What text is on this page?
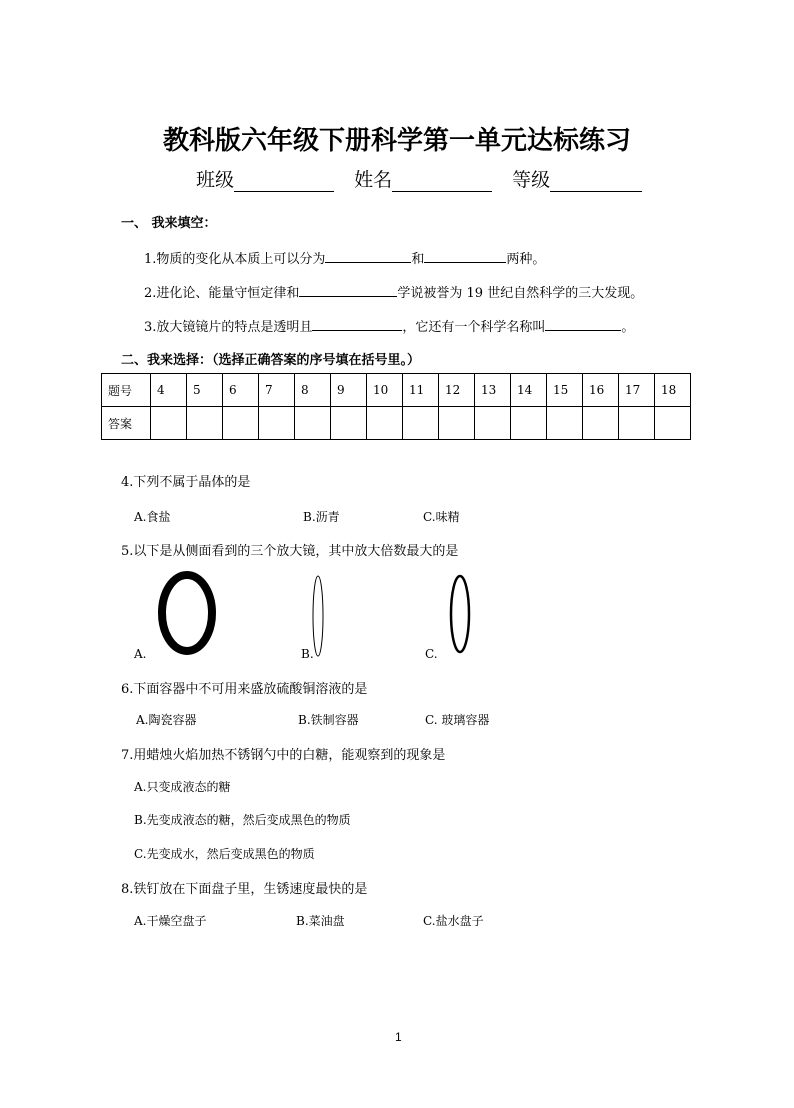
教科版六年级下册科学第一单元达标练习
班级	姓名	等级
一、 我来填空：
1.物质的变化从本质上可以分为	和	两种。
2.进化论、能量守恒定律和	学说被誉为 19 世纪自然科学的三大发现。
3.放大镜镜片的特点是透明且	，它还有一个科学名称叫	。
二、我来选择：（选择正确答案的序号填在括号里。）
题号	4	5	6	7	8	9	10	11	12	13	14	15	16	17	18
答案															
4.下列不属于晶体的是
A.食盐	B.沥青	C.味精
5.以下是从侧面看到的三个放大镜，其中放大倍数最大的是
A.	B.	C.
6.下面容器中不可用来盛放硫酸铜溶液的是
A.陶瓷容器	B.铁制容器	C. 玻璃容器
7.用蜡烛火焰加热不锈钢勺中的白糖，能观察到的现象是
A.只变成液态的糖
B.先变成液态的糖，然后变成黑色的物质
C.先变成水，然后变成黑色的物质
8.铁钉放在下面盘子里，生锈速度最快的是
A.干燥空盘子	B.菜油盘	C.盐水盘子
1
